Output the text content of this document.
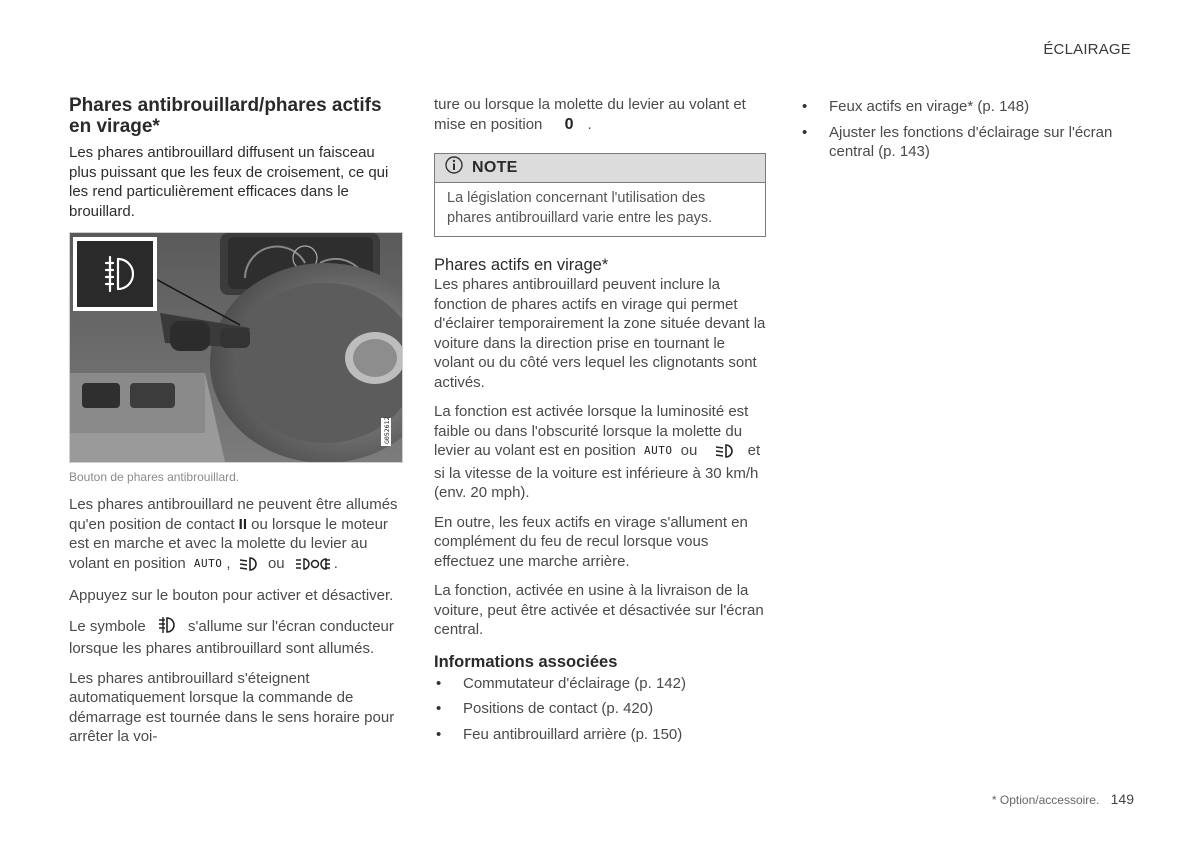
ÉCLAIRAGE
Phares antibrouillard/phares actifs en virage*

Les phares antibrouillard diffusent un faisceau plus puissant que les feux de croisement, ce qui les rend particulièrement efficaces dans le brouillard.

G052612
Bouton de phares antibrouillard.

Les phares antibrouillard ne peuvent être allumés qu'en position de contact II ou lorsque le moteur est en marche et avec la molette du levier au volant en position AUTO , ou	.

Appuyez sur le bouton pour activer et désactiver.

Le symbole	s'allume sur l'écran conducteur lorsque les phares antibrouillard sont allumés.

Les phares antibrouillard s'éteignent automatiquement lorsque la commande de démarrage est tournée dans le sens horaire pour arrêter la voi-

ture ou lorsque la molette du levier au volant et mise en position 0 .

NOTE
La législation concernant l'utilisation des phares antibrouillard varie entre les pays.
Phares actifs en virage*

Les phares antibrouillard peuvent inclure la fonction de phares actifs en virage qui permet d'éclairer temporairement la zone située devant la voiture dans la direction prise en tournant le volant ou du côté vers lequel les clignotants sont activés.

La fonction est activée lorsque la luminosité est faible ou dans l'obscurité lorsque la molette du levier au volant est en position AUTO ou	et si la vitesse de la voiture est inférieure à 30 km/h (env. 20 mph).

En outre, les feux actifs en virage s'allument en complément du feu de recul lorsque vous effectuez une marche arrière.

La fonction, activée en usine à la livraison de la voiture, peut être activée et désactivée sur l'écran central.

Informations associées
• Commutateur d'éclairage (p. 142)
• Positions de contact (p. 420)
• Feu antibrouillard arrière (p. 150)
• Feux actifs en virage* (p. 148)
• Ajuster les fonctions d'éclairage sur l'écran central (p. 143)
* Option/accessoire. 149
